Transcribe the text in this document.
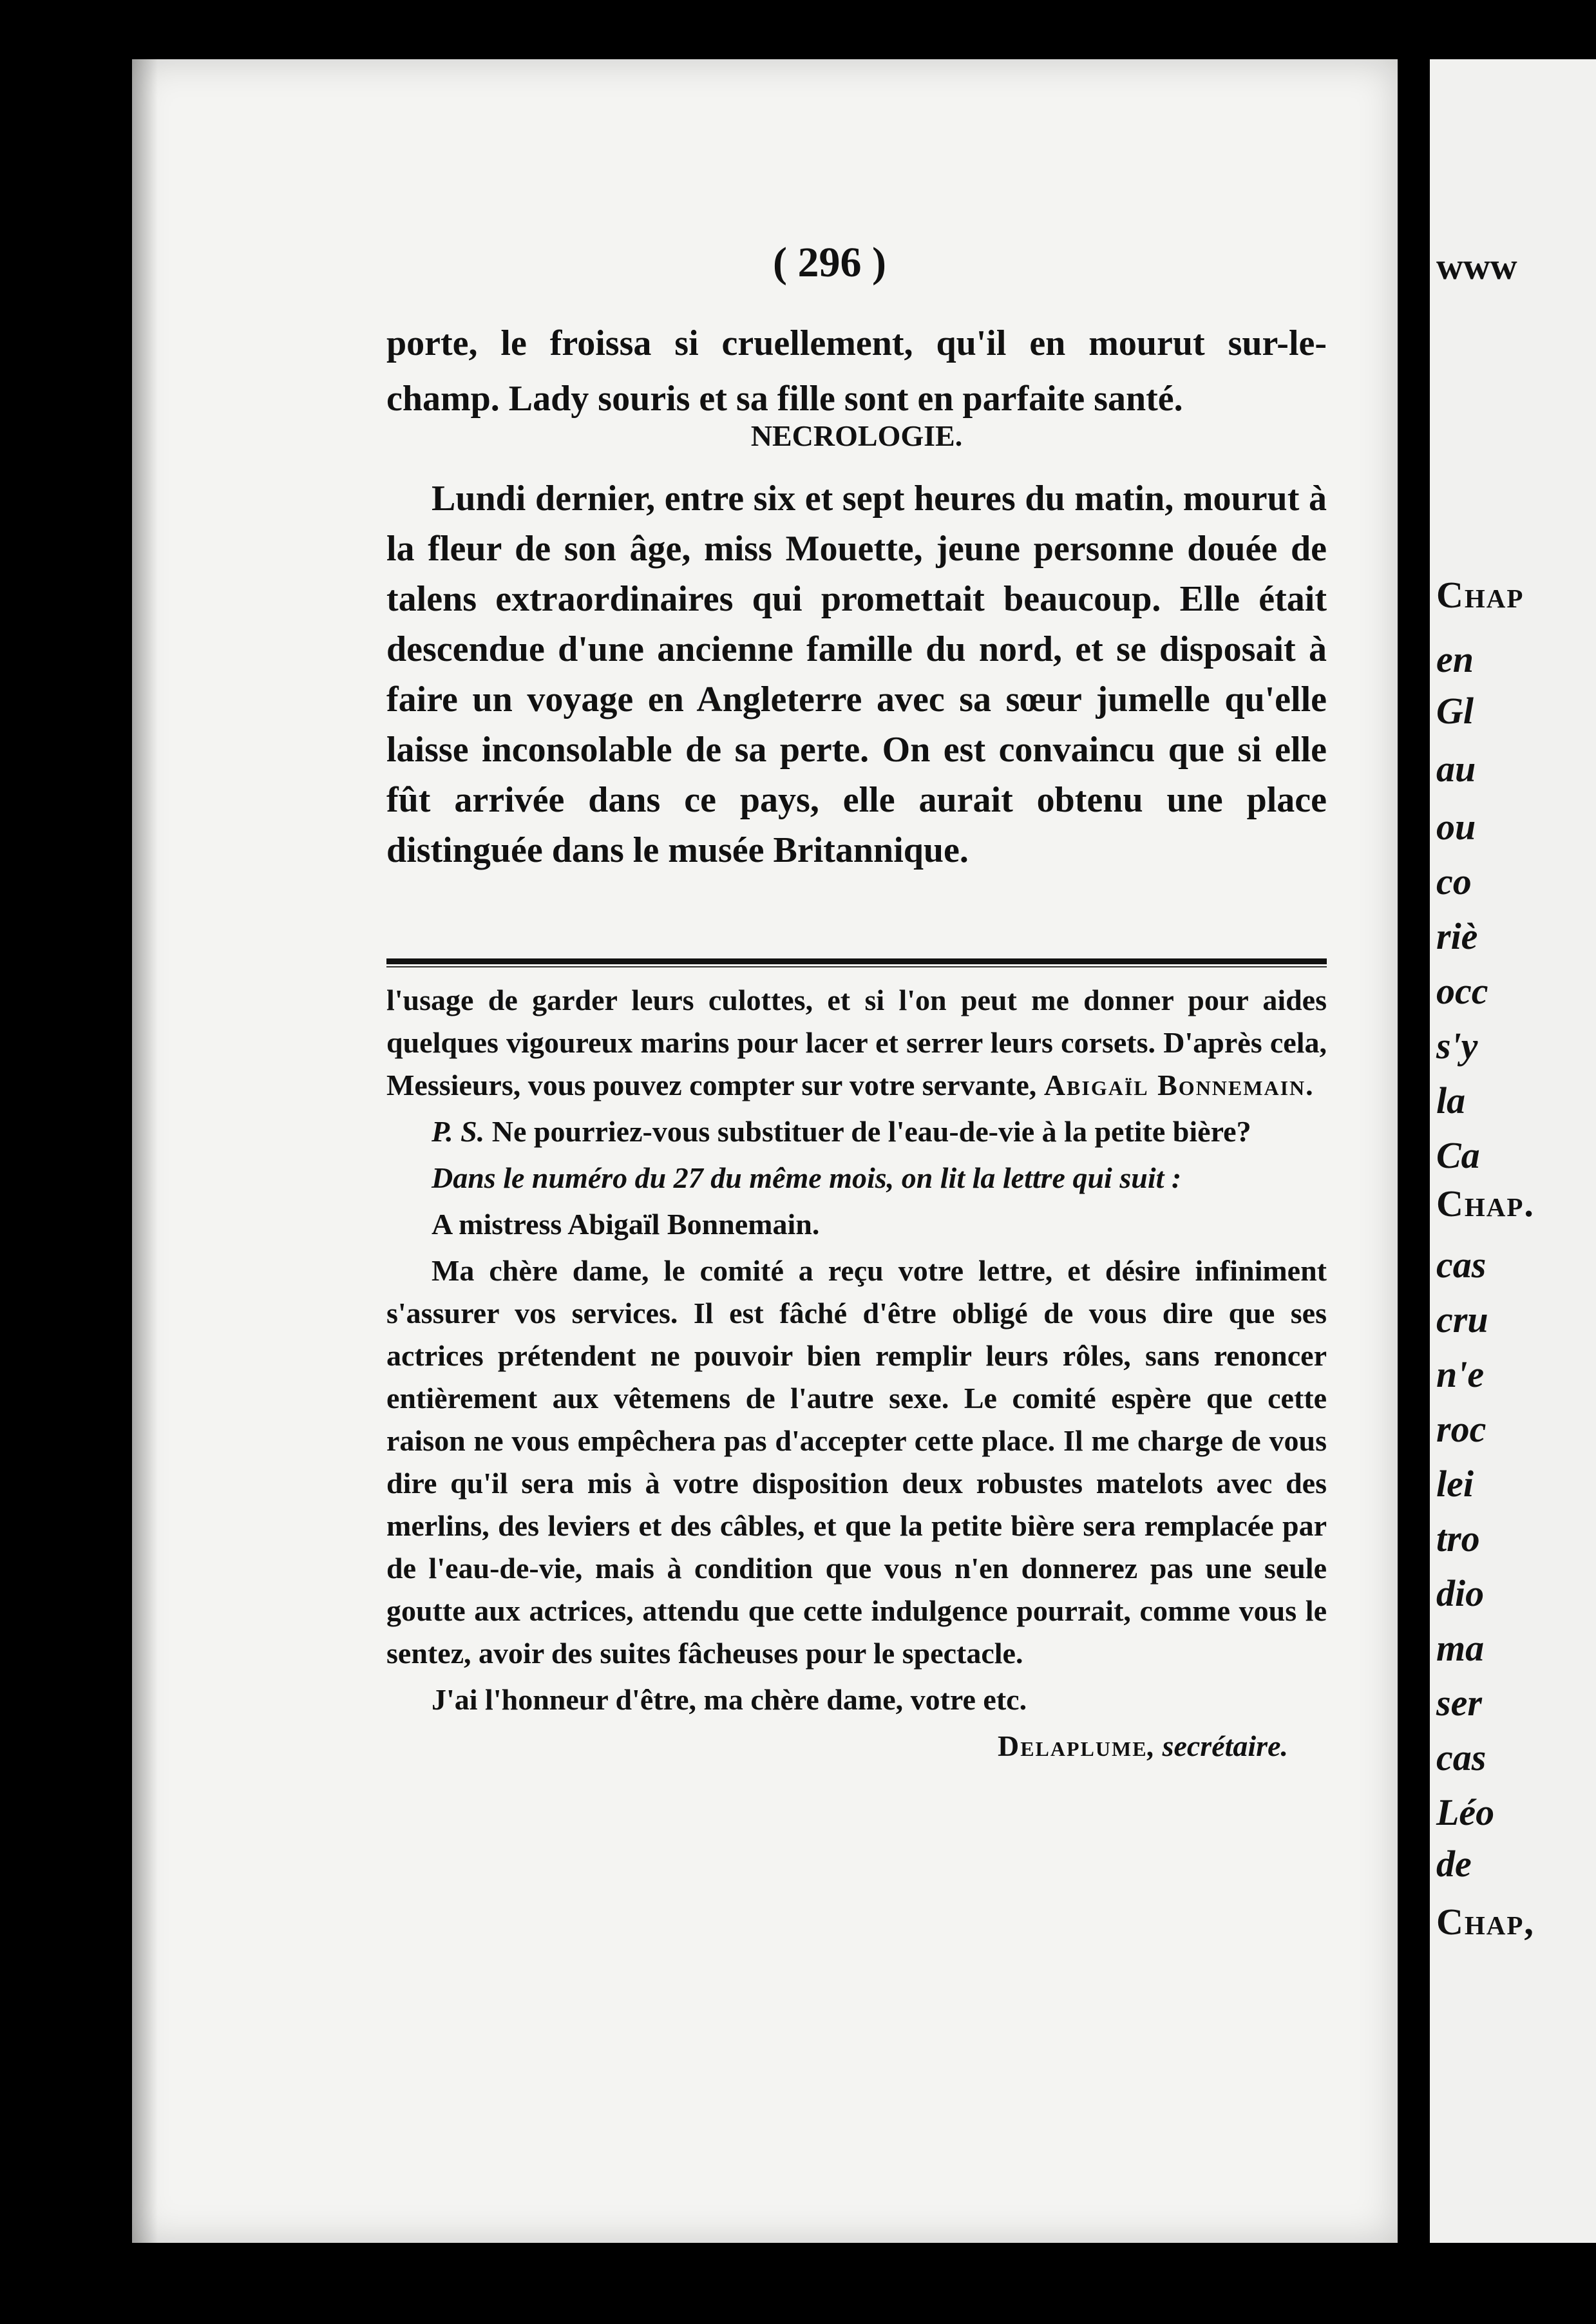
( 296 )

porte, le froissa si cruellement, qu'il en mourut sur-le-champ. Lady souris et sa fille sont en parfaite santé.

NECROLOGIE.

Lundi dernier, entre six et sept heures du matin, mourut à la fleur de son âge, miss Mouette, jeune personne douée de talens extraordinaires qui promettait beaucoup. Elle était descendue d'une ancienne famille du nord, et se disposait à faire un voyage en Angleterre avec sa sœur jumelle qu'elle laisse inconsolable de sa perte. On est convaincu que si elle fût arrivée dans ce pays, elle aurait obtenu une place distinguée dans le musée Britannique.

l'usage de garder leurs culottes, et si l'on peut me donner pour aides quelques vigoureux marins pour lacer et serrer leurs corsets. D'après cela, Messieurs, vous pouvez compter sur votre servante, Abigaïl Bonnemain.

P. S. Ne pourriez-vous substituer de l'eau-de-vie à la petite bière?

Dans le numéro du 27 du même mois, on lit la lettre qui suit :

A mistress Abigaïl Bonnemain.

Ma chère dame, le comité a reçu votre lettre, et désire infiniment s'assurer vos services. Il est fâché d'être obligé de vous dire que ses actrices prétendent ne pouvoir bien remplir leurs rôles, sans renoncer entièrement aux vêtemens de l'autre sexe. Le comité espère que cette raison ne vous empêchera pas d'accepter cette place. Il me charge de vous dire qu'il sera mis à votre disposition deux robustes matelots avec des merlins, des leviers et des câbles, et que la petite bière sera remplacée par de l'eau-de-vie, mais à condition que vous n'en donnerez pas une seule goutte aux actrices, attendu que cette indulgence pourrait, comme vous le sentez, avoir des suites fâcheuses pour le spectacle.

J'ai l'honneur d'être, ma chère dame, votre etc.

Delaplume, secrétaire.

www
Chap
en
Gl
au
ou
co
riè
occ
s'y
la
Ca
Chap.
cas
cru
n'e
roc
lei
tro
dio
ma
ser
cas
Léo
de
Chap,
